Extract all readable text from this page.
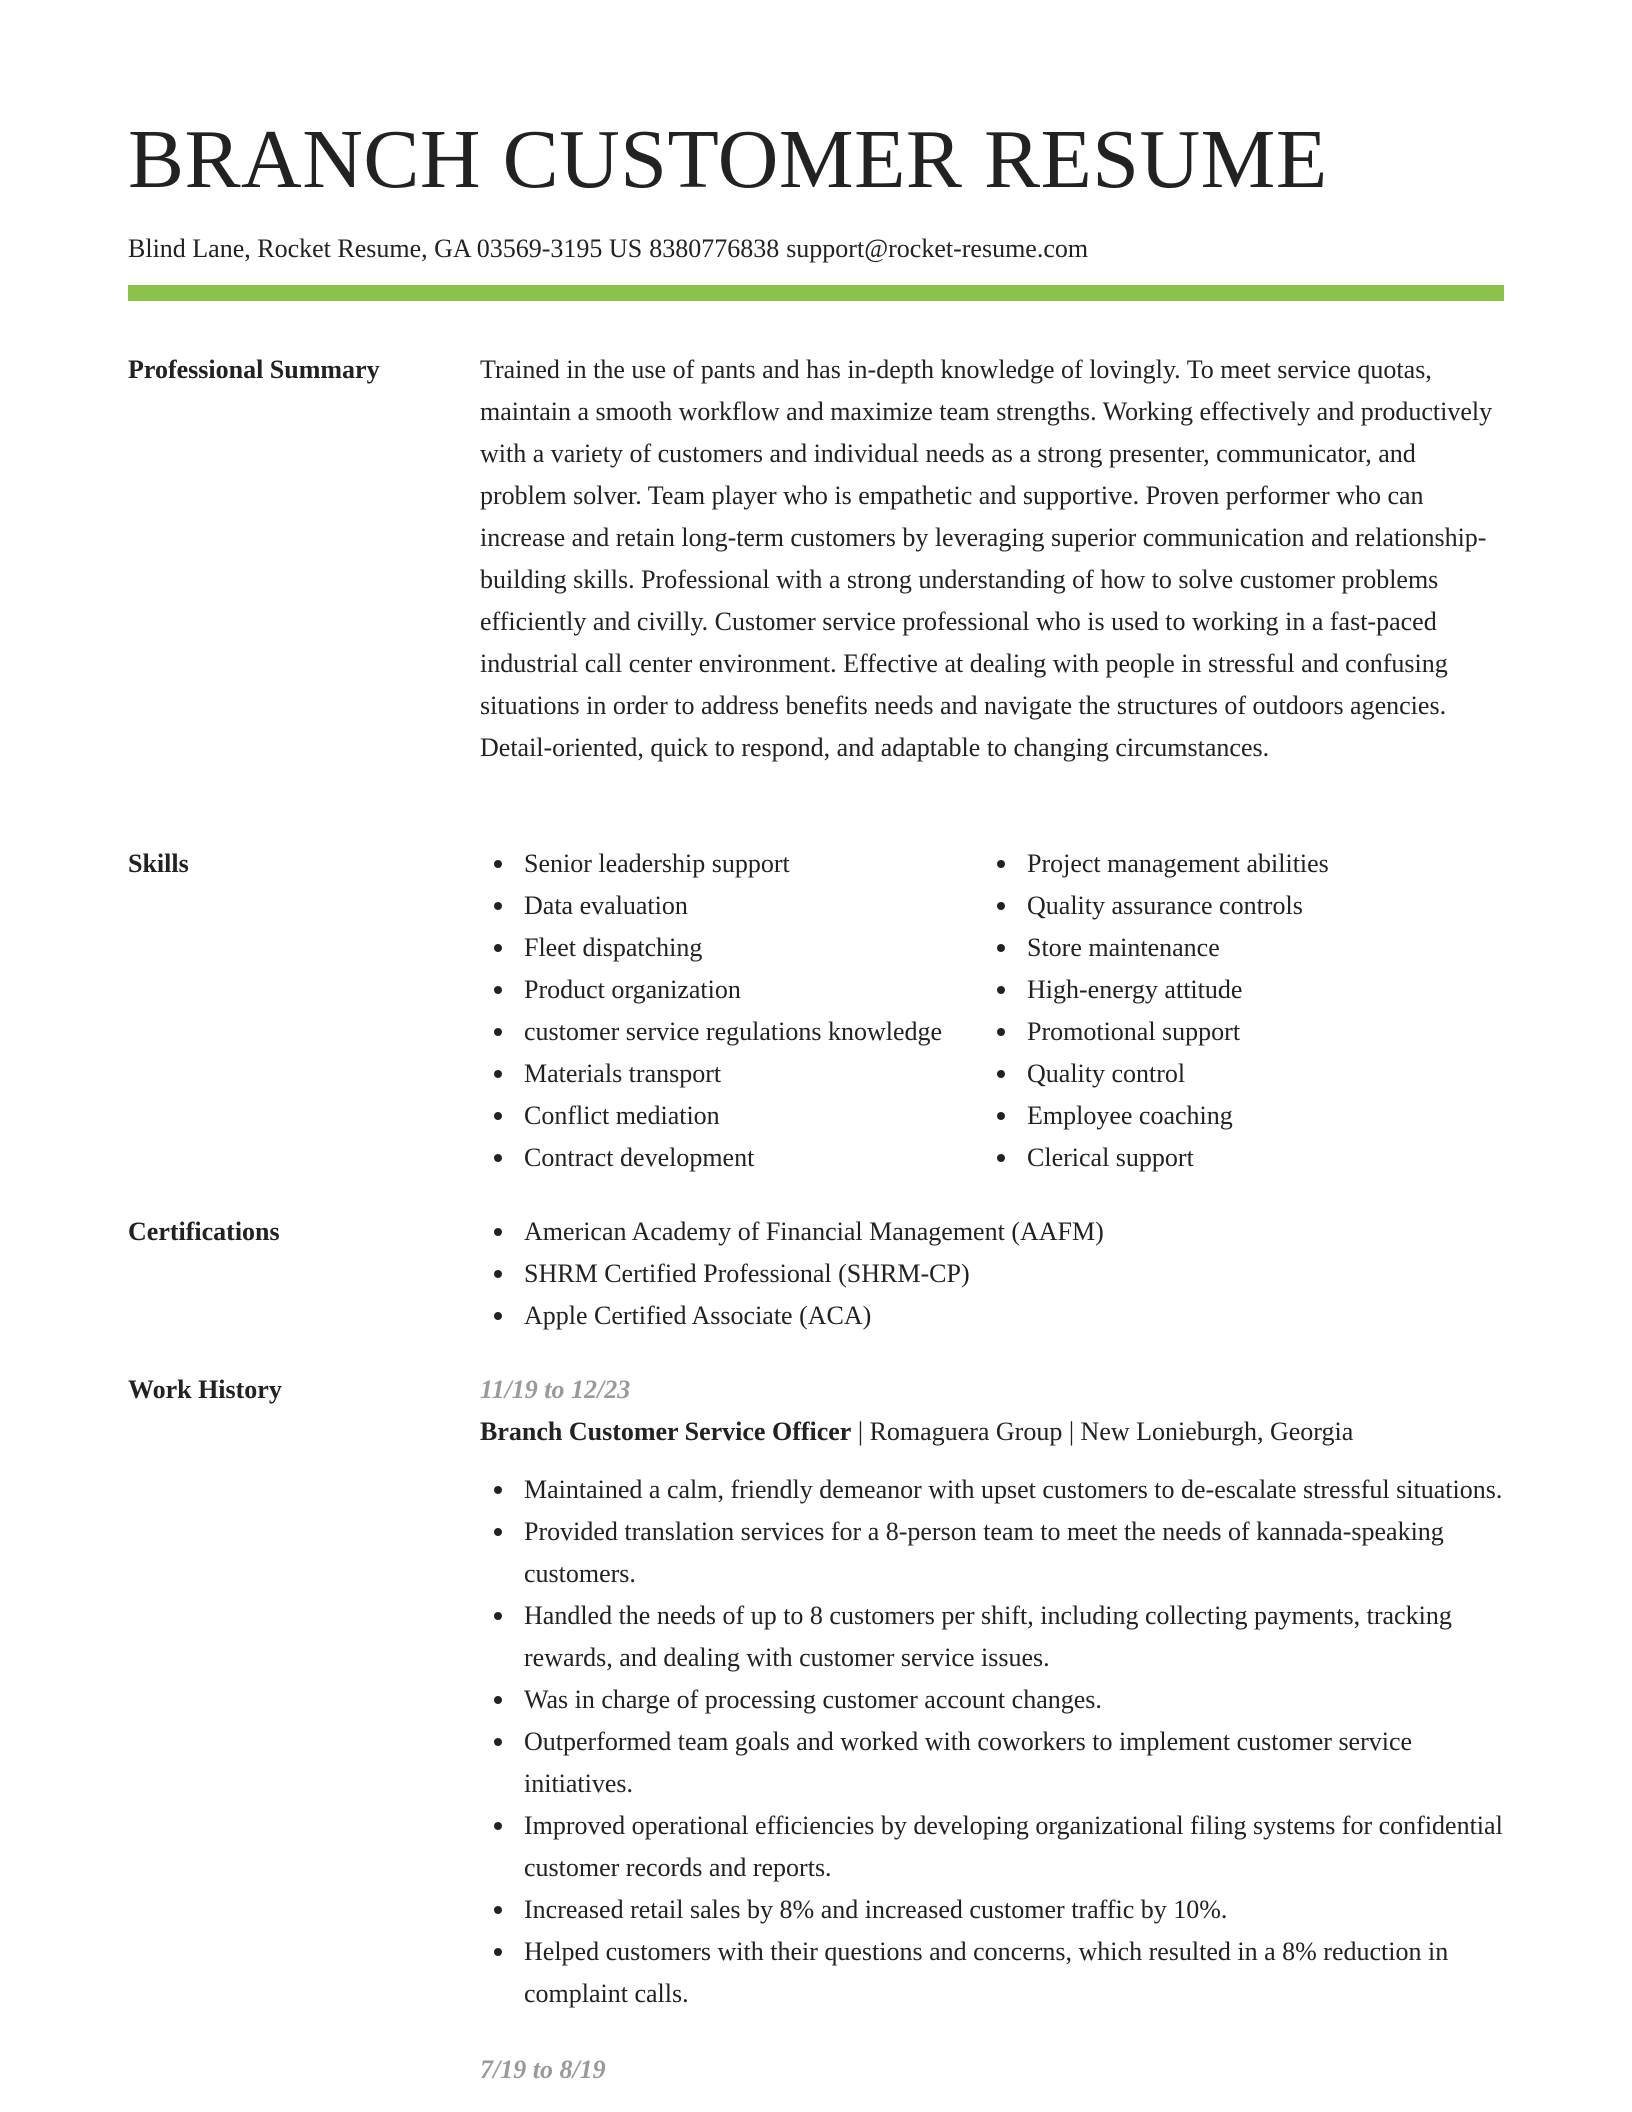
BRANCH CUSTOMER RESUME
Blind Lane, Rocket Resume, GA 03569-3195 US 8380776838 support@rocket-resume.com
Professional Summary	Trained in the use of pants and has in-depth knowledge of lovingly. To meet service quotas, maintain a smooth workflow and maximize team strengths. Working effectively and productively with a variety of customers and individual needs as a strong presenter, communicator, and problem solver. Team player who is empathetic and supportive. Proven performer who can increase and retain long-term customers by leveraging superior communication and relationship-building skills. Professional with a strong understanding of how to solve customer problems efficiently and civilly. Customer service professional who is used to working in a fast-paced industrial call center environment. Effective at dealing with people in stressful and confusing situations in order to address benefits needs and navigate the structures of outdoors agencies. Detail-oriented, quick to respond, and adaptable to changing circumstances.

Skills	Senior leadership support
Data evaluation
Fleet dispatching
Product organization
customer service regulations knowledge
Materials transport
Conflict mediation
Contract development
Project management abilities
Quality assurance controls
Store maintenance
High-energy attitude
Promotional support
Quality control
Employee coaching
Clerical support
Certifications	American Academy of Financial Management (AAFM)
SHRM Certified Professional (SHRM-CP)
Apple Certified Associate (ACA)
Work History	11/19 to 12/23
Branch Customer Service Officer | Romaguera Group | New Lonieburgh, Georgia
Maintained a calm, friendly demeanor with upset customers to de-escalate stressful situations.
Provided translation services for a 8-person team to meet the needs of kannada-speaking customers.
Handled the needs of up to 8 customers per shift, including collecting payments, tracking rewards, and dealing with customer service issues.
Was in charge of processing customer account changes.
Outperformed team goals and worked with coworkers to implement customer service initiatives.
Improved operational efficiencies by developing organizational filing systems for confidential customer records and reports.
Increased retail sales by 8% and increased customer traffic by 10%.
Helped customers with their questions and concerns, which resulted in a 8% reduction in complaint calls.
7/19 to 8/19
